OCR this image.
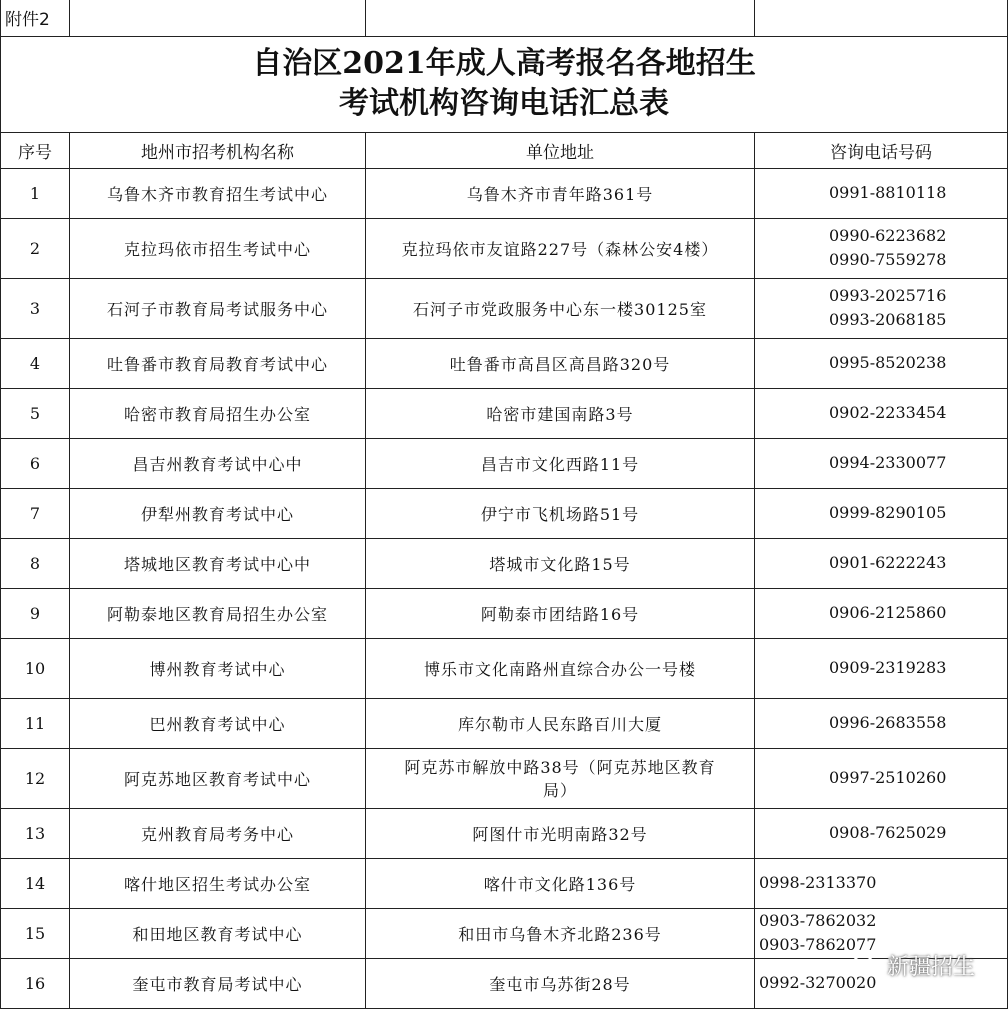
附件2			

自治区2021年成人高考报名各地招生
考试机构咨询电话汇总表			

序号	地州市招考机构名称	单位地址	咨询电话号码
1	乌鲁木齐市教育招生考试中心	乌鲁木齐市青年路361号	0991-8810118

2	克拉玛依市招生考试中心	克拉玛依市友谊路227号（森林公安4楼）	0990-6223682
0990-7559278

3	石河子市教育局考试服务中心	石河子市党政服务中心东一楼30125室	0993-2025716
0993-2068185

4	吐鲁番市教育局教育考试中心	吐鲁番市高昌区高昌路320号	0995-8520238

5	哈密市教育局招生办公室	哈密市建国南路3号	0902-2233454

6	昌吉州教育考试中心中	昌吉市文化西路11号	0994-2330077

7	伊犁州教育考试中心	伊宁市飞机场路51号	0999-8290105

8	塔城地区教育考试中心中	塔城市文化路15号	0901-6222243

9	阿勒泰地区教育局招生办公室	阿勒泰市团结路16号	0906-2125860

10	博州教育考试中心	博乐市文化南路州直综合办公一号楼	0909-2319283

11	巴州教育考试中心	库尔勒市人民东路百川大厦	0996-2683558

12	阿克苏地区教育考试中心	阿克苏市解放中路38号（阿克苏地区教育
局）	0997-2510260

13	克州教育局考务中心	阿图什市光明南路32号	0908-7625029

14	喀什地区招生考试办公室	喀什市文化路136号	0998-2313370

15	和田地区教育考试中心	和田市乌鲁木齐北路236号	0903-7862032
0903-7862077

16	奎屯市教育局考试中心	奎屯市乌苏街28号	0992-3270020
新疆招生
